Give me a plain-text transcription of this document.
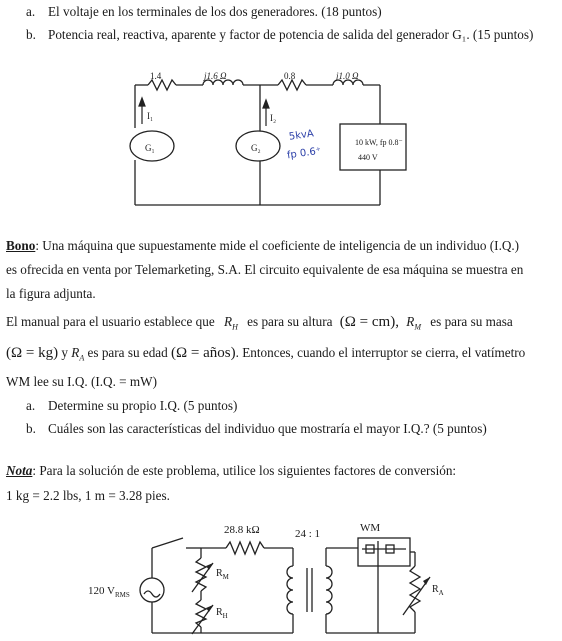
a. El voltaje en los terminales de los dos generadores. (18 puntos)
b. Potencia real, reactiva, aparente y factor de potencia de salida del generador G₁. (15 puntos)
1.4	j1.6 Ω	0.8	j1.0 Ω
I₁	I₂
G₁	G₂
5kvA
fp 0.6⁺
10 kW, fp 0.8⁻
440 V
Bono: Una máquina que supuestamente mide el coeficiente de inteligencia de un individuo (I.Q.)
es ofrecida en venta por Telemarketing, S.A. El circuito equivalente de esa máquina se muestra en
la figura adjunta.
El manual para el usuario establece que $R_H$ es para su altura (Ω = cm), $R_M$ es para su masa
(Ω = kg) y $R_A$ es para su edad (Ω = años). Entonces, cuando el interruptor se cierra, el vatímetro
WM lee su I.Q. (I.Q. = mW)
a. Determine su propio I.Q. (5 puntos)
b. Cuáles son las características del individuo que mostraría el mayor I.Q.? (5 puntos)
Nota: Para la solución de este problema, utilice los siguientes factores de conversión:
1 kg = 2.2 lbs, 1 m = 3.28 pies.
28.8 kΩ	24 : 1	WM
120 $V_{RMS}$
$R_M$
$R_H$
$R_A$
